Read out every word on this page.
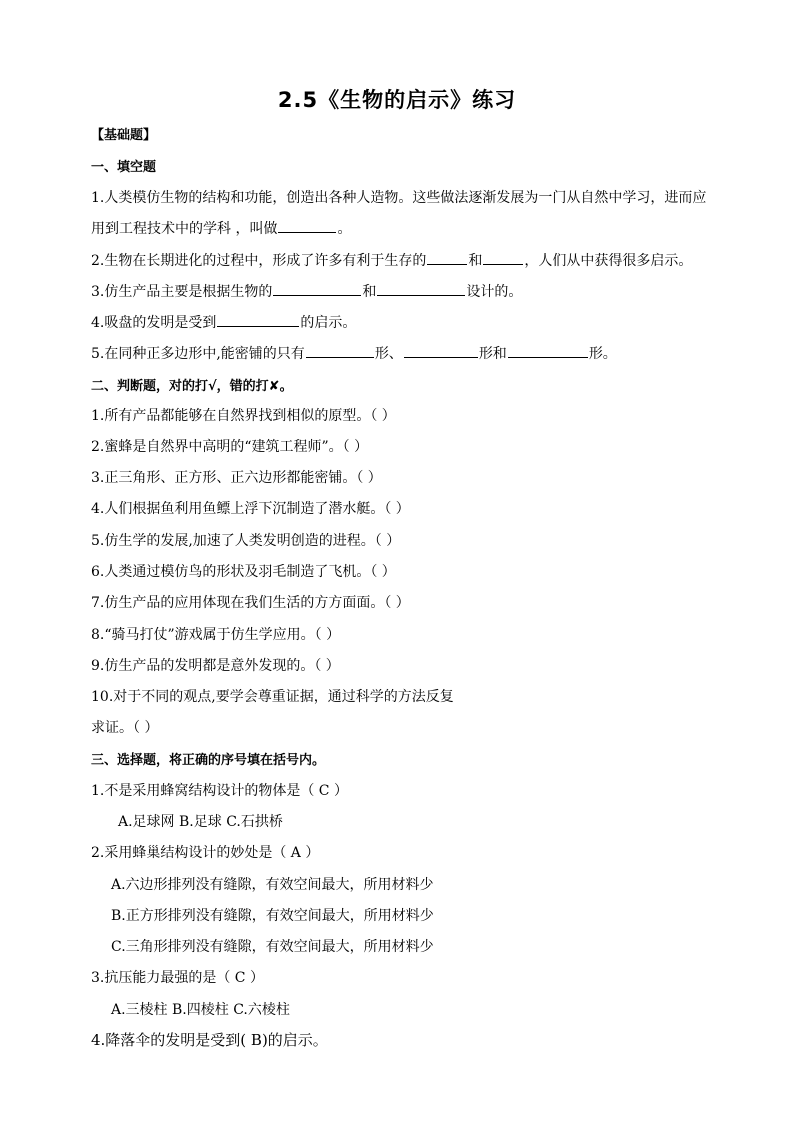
2.5《生物的启示》练习
【基础题】
一、填空题
1.人类模仿生物的结构和功能，创造出各种人造物。这些做法逐渐发展为一门从自然中学习，进而应
用到工程技术中的学科 ，叫做	。
2.生物在长期进化的过程中，形成了许多有利于生存的	和	，人们从中获得很多启示。
3.仿生产品主要是根据生物的	和	设计的。
4.吸盘的发明是受到	的启示。
5.在同种正多边形中,能密铺的只有	形、	形和	形。
二、判断题，对的打√，错的打✘。
1.所有产品都能够在自然界找到相似的原型。（ ）
2.蜜蜂是自然界中高明的“建筑工程师”。（ ）
3.正三角形、正方形、正六边形都能密铺。（ ）
4.人们根据鱼利用鱼鳔上浮下沉制造了潜水艇。（ ）
5.仿生学的发展,加速了人类发明创造的进程。（ ）
6.人类通过模仿鸟的形状及羽毛制造了飞机。（ ）
7.仿生产品的应用体现在我们生活的方方面面。（ ）
8.“骑马打仗”游戏属于仿生学应用。（ ）
9.仿生产品的发明都是意外发现的。（ ）
10.对于不同的观点,要学会尊重证据，通过科学的方法反复
求证。（ ）
三、选择题，将正确的序号填在括号内。
1.不是采用蜂窝结构设计的物体是（ C ）
A.足球网 B.足球 C.石拱桥
2.采用蜂巢结构设计的妙处是（ A ）
A.六边形排列没有缝隙，有效空间最大，所用材料少
B.正方形排列没有缝隙，有效空间最大，所用材料少
C.三角形排列没有缝隙，有效空间最大，所用材料少
3.抗压能力最强的是（ C ）
A.三棱柱 B.四棱柱 C.六棱柱
4.降落伞的发明是受到( B)的启示。
